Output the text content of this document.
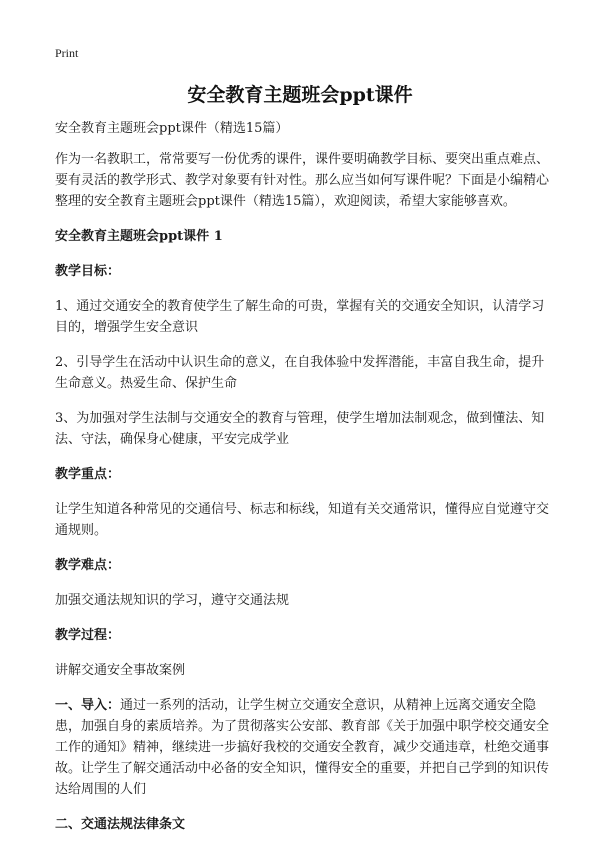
Print
安全教育主题班会ppt课件

安全教育主题班会ppt课件（精选15篇）

作为一名教职工，常常要写一份优秀的课件，课件要明确教学目标、要突出重点难点、要有灵活的教学形式、教学对象要有针对性。那么应当如何写课件呢？下面是小编精心整理的安全教育主题班会ppt课件（精选15篇），欢迎阅读，希望大家能够喜欢。

安全教育主题班会ppt课件 1

教学目标：

1、通过交通安全的教育使学生了解生命的可贵，掌握有关的交通安全知识，认清学习目的，增强学生安全意识

2、引导学生在活动中认识生命的意义，在自我体验中发挥潜能，丰富自我生命，提升生命意义。热爱生命、保护生命

3、为加强对学生法制与交通安全的教育与管理，使学生增加法制观念，做到懂法、知法、守法，确保身心健康，平安完成学业

教学重点：

让学生知道各种常见的交通信号、标志和标线，知道有关交通常识，懂得应自觉遵守交通规则。

教学难点：

加强交通法规知识的学习，遵守交通法规

教学过程：

讲解交通安全事故案例

一、导入：通过一系列的活动，让学生树立交通安全意识，从精神上远离交通安全隐患，加强自身的素质培养。为了贯彻落实公安部、教育部《关于加强中职学校交通安全工作的通知》精神，继续进一步搞好我校的交通安全教育，减少交通违章，杜绝交通事故。让学生了解交通活动中必备的安全知识，懂得安全的重要，并把自己学到的知识传达给周围的人们

二、交通法规法律条文
